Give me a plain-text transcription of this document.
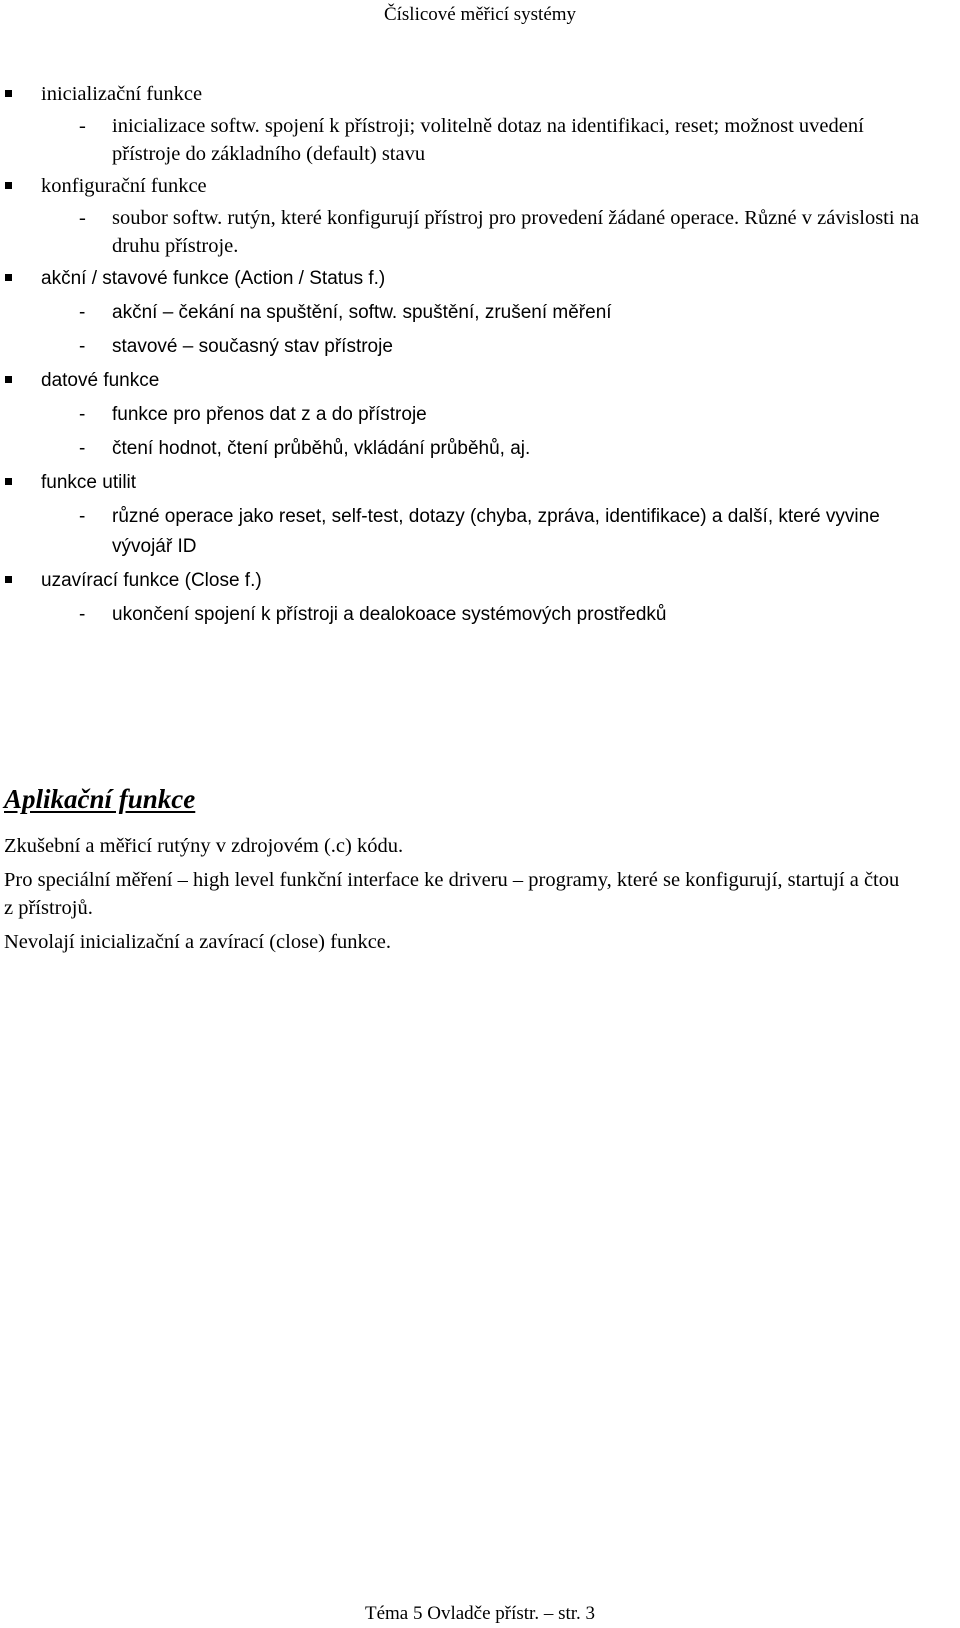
Číslicové měřicí systémy
inicializační funkce
- inicializace softw. spojení k přístroji; volitelně dotaz na identifikaci, reset; možnost uvedení přístroje do základního (default) stavu
konfigurační funkce
- soubor softw. rutýn, které konfigurují přístroj pro provedení žádané operace. Různé v závislosti na druhu přístroje.
akční / stavové funkce (Action / Status f.)
- akční – čekání na spuštění, softw. spuštění, zrušení měření
- stavové – současný stav přístroje
datové funkce
- funkce pro přenos dat z a do přístroje
- čtení hodnot, čtení průběhů, vkládání průběhů, aj.
funkce utilit
- různé operace jako reset, self-test, dotazy (chyba, zpráva, identifikace) a další, které vyvine vývojář ID
uzavírací funkce (Close f.)
- ukončení spojení k přístroji a dealokoace systémových prostředků
Aplikační funkce

Zkušební a měřicí rutýny v zdrojovém (.c) kódu.

Pro speciální měření – high level funkční interface ke driveru – programy, které se konfigurují, startují a čtou z přístrojů.

Nevolají inicializační a zavírací (close) funkce.

Téma 5 Ovladče přístr. – str. 3
